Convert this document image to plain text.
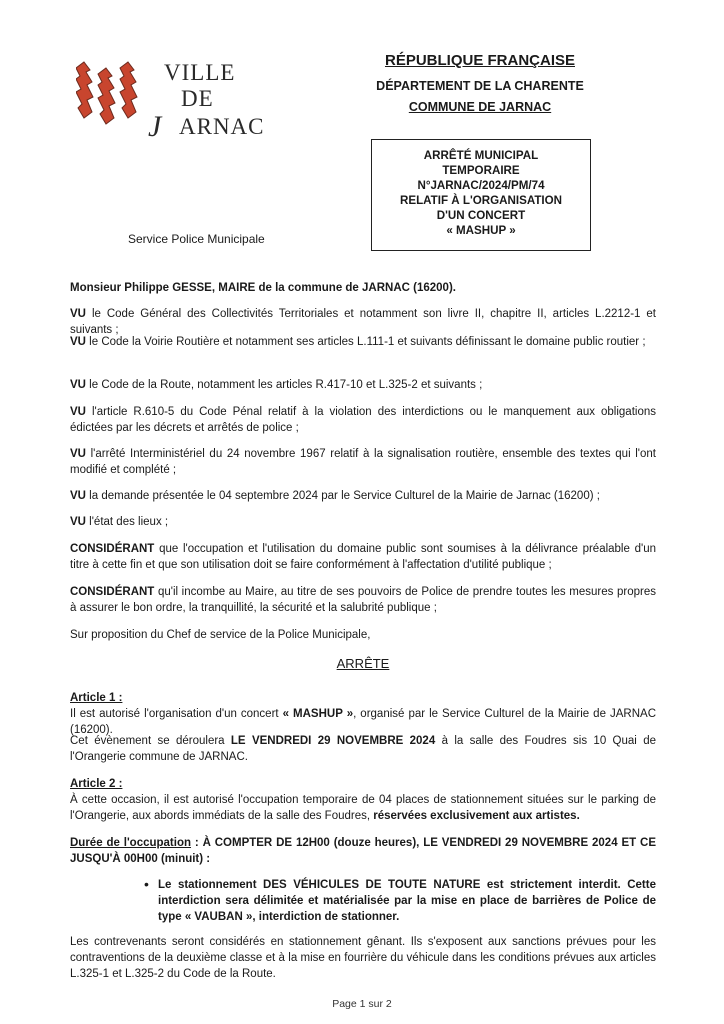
VILLE
DE
J ARNAC
RÉPUBLIQUE FRANÇAISE
DÉPARTEMENT DE LA CHARENTE
COMMUNE DE JARNAC
ARRÊTÉ MUNICIPAL
TEMPORAIRE
N°JARNAC/2024/PM/74
RELATIF À L'ORGANISATION
D'UN CONCERT
« MASHUP »
Service Police Municipale
Monsieur Philippe GESSE, MAIRE de la commune de JARNAC (16200).
VU le Code Général des Collectivités Territoriales et notamment son livre II, chapitre II, articles L.2212-1 et suivants ;
VU le Code la Voirie Routière et notamment ses articles L.111-1 et suivants définissant le domaine public routier ;
VU le Code de la Route, notamment les articles R.417-10 et L.325-2 et suivants ;
VU l'article R.610-5 du Code Pénal relatif à la violation des interdictions ou le manquement aux obligations édictées par les décrets et arrêtés de police ;
VU l'arrêté Interministériel du 24 novembre 1967 relatif à la signalisation routière, ensemble des textes qui l'ont modifié et complété ;
VU la demande présentée le 04 septembre 2024 par le Service Culturel de la Mairie de Jarnac (16200) ;
VU l'état des lieux ;
CONSIDÉRANT que l'occupation et l'utilisation du domaine public sont soumises à la délivrance préalable d'un titre à cette fin et que son utilisation doit se faire conformément à l'affectation d'utilité publique ;
CONSIDÉRANT qu'il incombe au Maire, au titre de ses pouvoirs de Police de prendre toutes les mesures propres à assurer le bon ordre, la tranquillité, la sécurité et la salubrité publique ;
Sur proposition du Chef de service de la Police Municipale,
ARRÊTE
Article 1 :
Il est autorisé l'organisation d'un concert « MASHUP », organisé par le Service Culturel de la Mairie de JARNAC (16200).
Cet évènement se déroulera LE VENDREDI 29 NOVEMBRE 2024 à la salle des Foudres sis 10 Quai de l'Orangerie commune de JARNAC.
Article 2 :
À cette occasion, il est autorisé l'occupation temporaire de 04 places de stationnement situées sur le parking de l'Orangerie, aux abords immédiats de la salle des Foudres, réservées exclusivement aux artistes.
Durée de l'occupation : À COMPTER DE 12H00 (douze heures), LE VENDREDI 29 NOVEMBRE 2024 ET CE JUSQU'À 00H00 (minuit) :
• Le stationnement DES VÉHICULES DE TOUTE NATURE est strictement interdit. Cette interdiction sera délimitée et matérialisée par la mise en place de barrières de Police de type « VAUBAN », interdiction de stationner.
Les contrevenants seront considérés en stationnement gênant. Ils s'exposent aux sanctions prévues pour les contraventions de la deuxième classe et à la mise en fourrière du véhicule dans les conditions prévues aux articles L.325-1 et L.325-2 du Code de la Route.
Page 1 sur 2
